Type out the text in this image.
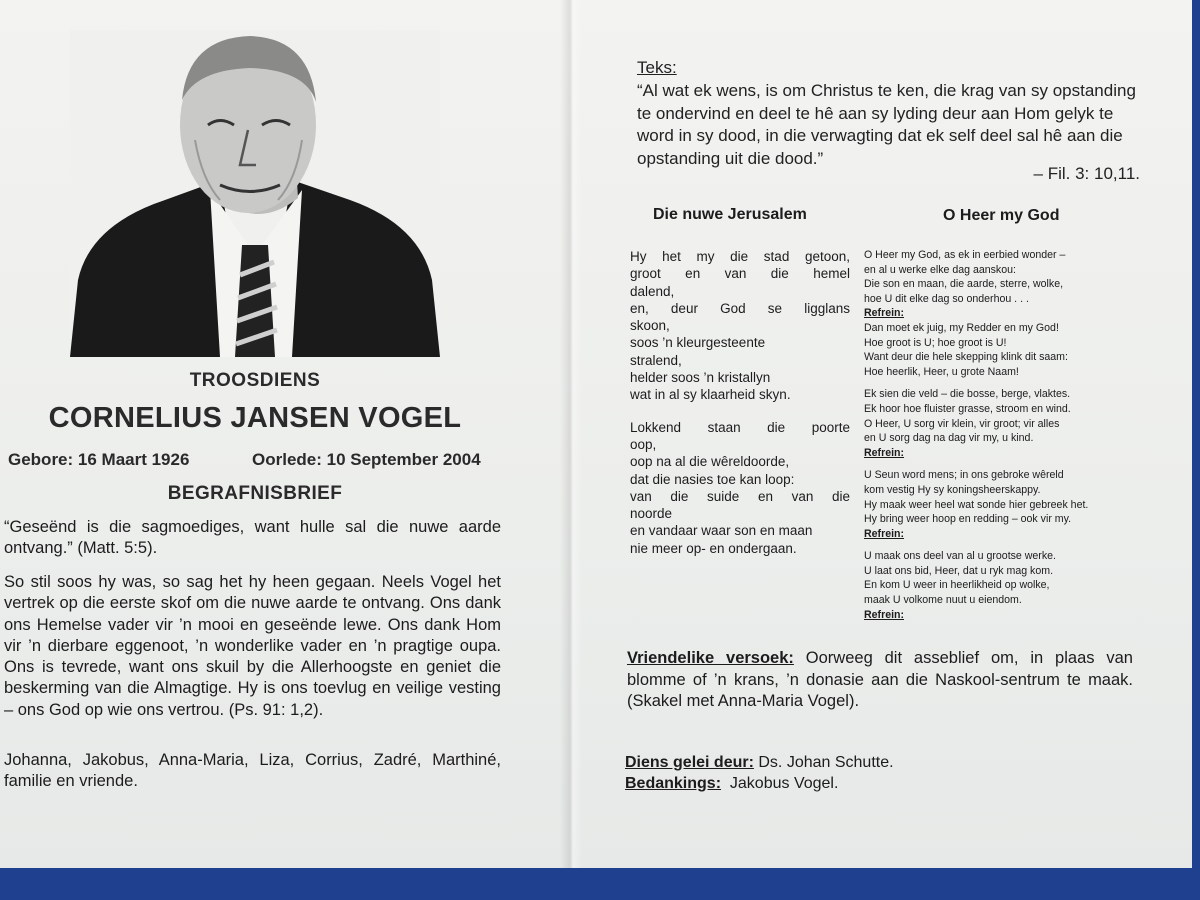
TROOSDIENS
CORNELIUS JANSEN VOGEL
Gebore: 16 Maart 1926	Oorlede: 10 September 2004
BEGRAFNISBRIEF
“Geseënd is die sagmoediges, want hulle sal die nuwe aarde ontvang.” (Matt. 5:5).
So stil soos hy was, so sag het hy heen gegaan. Neels Vogel het vertrek op die eerste skof om die nuwe aarde te ontvang. Ons dank ons Hemelse vader vir ’n mooi en geseënde lewe. Ons dank Hom vir ’n dierbare eggenoot, ’n wonderlike vader en ’n pragtige oupa. Ons is tevrede, want ons skuil by die Allerhoogste en geniet die beskerming van die Almagtige. Hy is ons toevlug en veilige vesting – ons God op wie ons vertrou. (Ps. 91: 1,2).
Johanna, Jakobus, Anna-Maria, Liza, Corrius, Zadré, Marthiné, familie en vriende.
Teks:
“Al wat ek wens, is om Christus te ken, die krag van sy opstanding te ondervind en deel te hê aan sy lyding deur aan Hom gelyk te word in sy dood, in die verwagting dat ek self deel sal hê aan die opstanding uit die dood.”
– Fil. 3: 10,11.
Die nuwe Jerusalem	O Heer my God
Hy het my die stad getoon,
groot en van die hemel
dalend,
en, deur God se ligglans
skoon,
soos ’n kleurgesteente
stralend,
helder soos ’n kristallyn
wat in al sy klaarheid skyn.
Lokkend staan die poorte
oop,
oop na al die wêreldoorde,
dat die nasies toe kan loop:
van die suide en van die
noorde
en vandaar waar son en maan
nie meer op- en ondergaan.
O Heer my God, as ek in eerbied wonder –
en al u werke elke dag aanskou:
Die son en maan, die aarde, sterre, wolke,
hoe U dit elke dag so onderhou . . .
Refrein:
Dan moet ek juig, my Redder en my God!
Hoe groot is U; hoe groot is U!
Want deur die hele skepping klink dit saam:
Hoe heerlik, Heer, u grote Naam!
Ek sien die veld – die bosse, berge, vlaktes.
Ek hoor hoe fluister grasse, stroom en wind.
O Heer, U sorg vir klein, vir groot; vir alles
en U sorg dag na dag vir my, u kind.
Refrein:
U Seun word mens; in ons gebroke wêreld
kom vestig Hy sy koningsheerskappy.
Hy maak weer heel wat sonde hier gebreek het.
Hy bring weer hoop en redding – ook vir my.
Refrein:
U maak ons deel van al u grootse werke.
U laat ons bid, Heer, dat u ryk mag kom.
En kom U weer in heerlikheid op wolke,
maak U volkome nuut u eiendom.
Refrein:
Vriendelike versoek: Oorweeg dit asseblief om, in plaas van blomme of ’n krans, ’n donasie aan die Naskool-sentrum te maak. (Skakel met Anna-Maria Vogel).
Diens gelei deur: Ds. Johan Schutte.
Bedankings:  Jakobus Vogel.
